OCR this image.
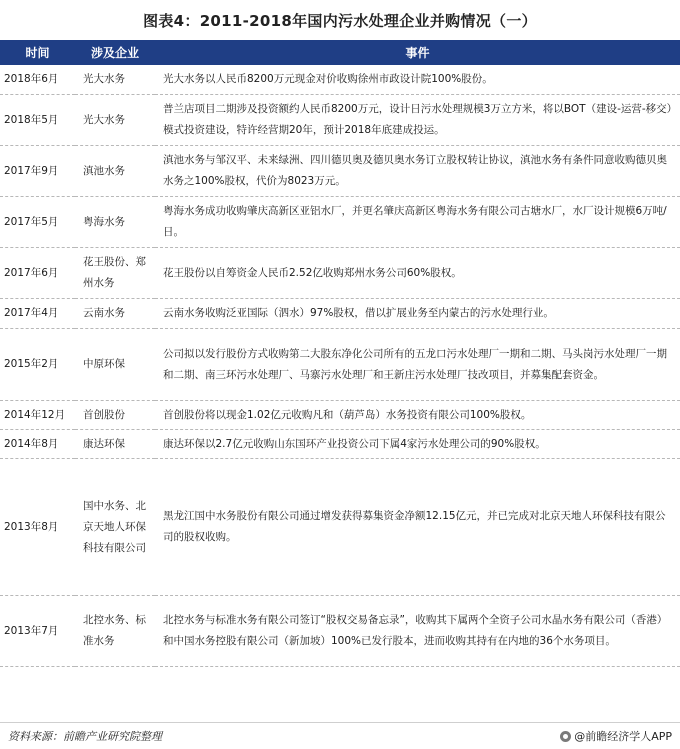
图表4：2011-2018年国内污水处理企业并购情况（一）
时间	涉及企业	事件
2018年6月	光大水务	光大水务以人民币8200万元现金对价收购徐州市政设计院100%股份。
2018年5月	光大水务	普兰店项目二期涉及投资额约人民币8200万元，设计日污水处理规模3万立方米，将以BOT（建设-运营-移交）模式投资建设，特许经营期20年，预计2018年底建成投运。
2017年9月	滇池水务	滇池水务与邹汉平、未来绿洲、四川德贝奥及德贝奥水务订立股权转让协议，滇池水务有条件同意收购德贝奥水务之100%股权，代价为8023万元。
2017年5月	粤海水务	粤海水务成功收购肇庆高新区亚铝水厂，并更名肇庆高新区粤海水务有限公司古塘水厂，水厂设计规模6万吨/日。
2017年6月	花王股份、郑州水务	花王股份以自筹资金人民币2.52亿收购郑州水务公司60%股权。
2017年4月	云南水务	云南水务收购泛亚国际（泗水）97%股权，借以扩展业务至内蒙古的污水处理行业。
2015年2月	中原环保	公司拟以发行股份方式收购第二大股东净化公司所有的五龙口污水处理厂一期和二期、马头岗污水处理厂一期和二期、南三环污水处理厂、马寨污水处理厂和王新庄污水处理厂技改项目，并募集配套资金。
2014年12月	首创股份	首创股份将以现金1.02亿元收购凡和（葫芦岛）水务投资有限公司100%股权。
2014年8月	康达环保	康达环保以2.7亿元收购山东国环产业投资公司下属4家污水处理公司的90%股权。
2013年8月	国中水务、北京天地人环保科技有限公司	黑龙江国中水务股份有限公司通过增发获得募集资金净额12.15亿元，并已完成对北京天地人环保科技有限公司的股权收购。
2013年7月	北控水务、标准水务	北控水务与标准水务有限公司签订“股权交易备忘录”，收购其下属两个全资子公司水晶水务有限公司（香港）和中国水务控股有限公司（新加坡）100%已发行股本，进而收购其持有在内地的36个水务项目。
资料来源：前瞻产业研究院整理	@前瞻经济学人APP
